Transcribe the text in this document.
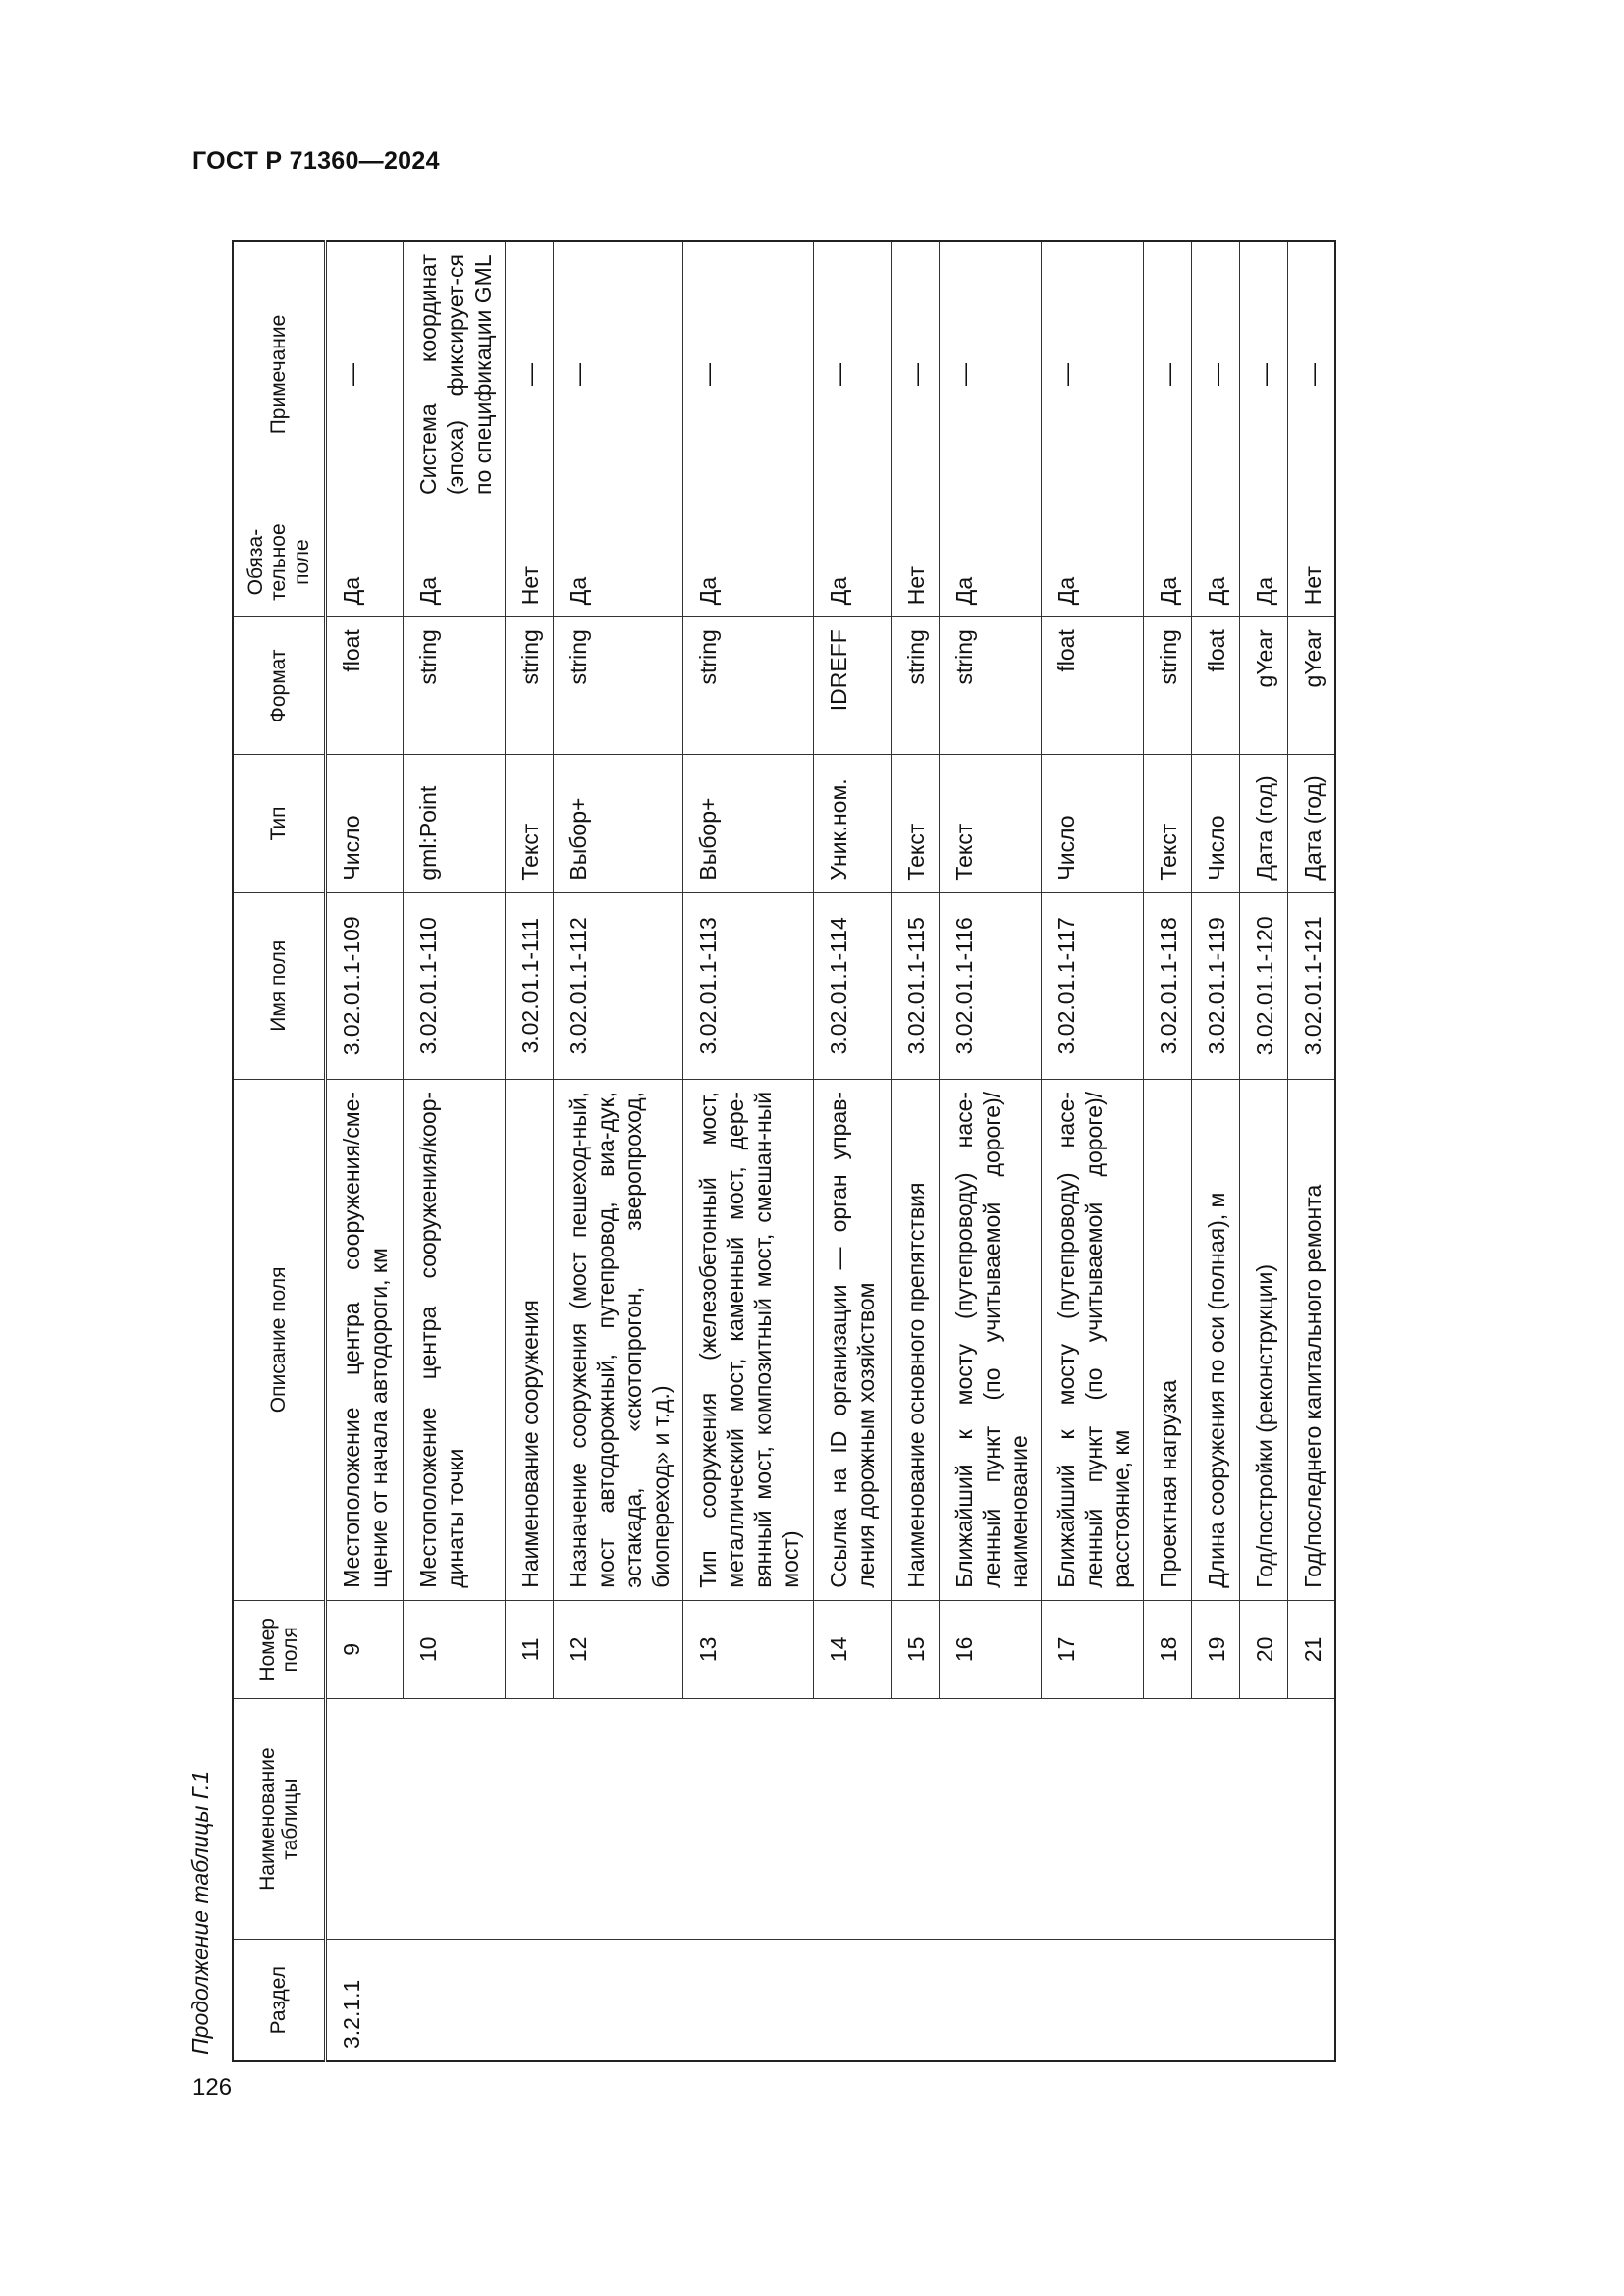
ГОСТ Р 71360—2024
Продолжение таблицы Г.1	Раздел	Наименование таблицы	Номер поля	Описание поля	Имя поля	Тип	Формат	Обяза-тельное поле	Примечание
3.2.1.1		9	Местоположение центра сооружения/сме-щение от начала автодороги, км	3.02.01.1-109	Число	float	Да	—
		10	Местоположение центра сооружения/коор-динаты точки	3.02.01.1-110	gml:Point	string	Да	Система координат (эпоха) фиксирует-ся по спецификации GML
		11	Наименование сооружения	3.02.01.1-111	Текст	string	Нет	—
		12	Назначение сооружения (мост пешеход-ный, мост автодорожный, путепровод, виа-дук, эстакада, «скотопрогон, зверопроход, биопереход» и т.д.)	3.02.01.1-112	Выбор+	string	Да	—
		13	Тип сооружения (железобетонный мост, металлический мост, каменный мост, дере-вянный мост, композитный мост, смешан-ный мост)	3.02.01.1-113	Выбор+	string	Да	—
		14	Ссылка на ID организации — орган управ-ления дорожным хозяйством	3.02.01.1-114	Уник.ном.	IDREFF	Да	—
		15	Наименование основного препятствия	3.02.01.1-115	Текст	string	Нет	—
		16	Ближайший к мосту (путепроводу) насе-ленный пункт (по учитываемой дороге)/наименование	3.02.01.1-116	Текст	string	Да	—
		17	Ближайший к мосту (путепроводу) насе-ленный пункт (по учитываемой дороге)/расстояние, км	3.02.01.1-117	Число	float	Да	—
		18	Проектная нагрузка	3.02.01.1-118	Текст	string	Да	—
		19	Длина сооружения по оси (полная), м	3.02.01.1-119	Число	float	Да	—
		20	Год/постройки (реконструкции)	3.02.01.1-120	Дата (год)	gYear	Да	—
		21	Год/последнего капитального ремонта	3.02.01.1-121	Дата (год)	gYear	Нет	—
126
